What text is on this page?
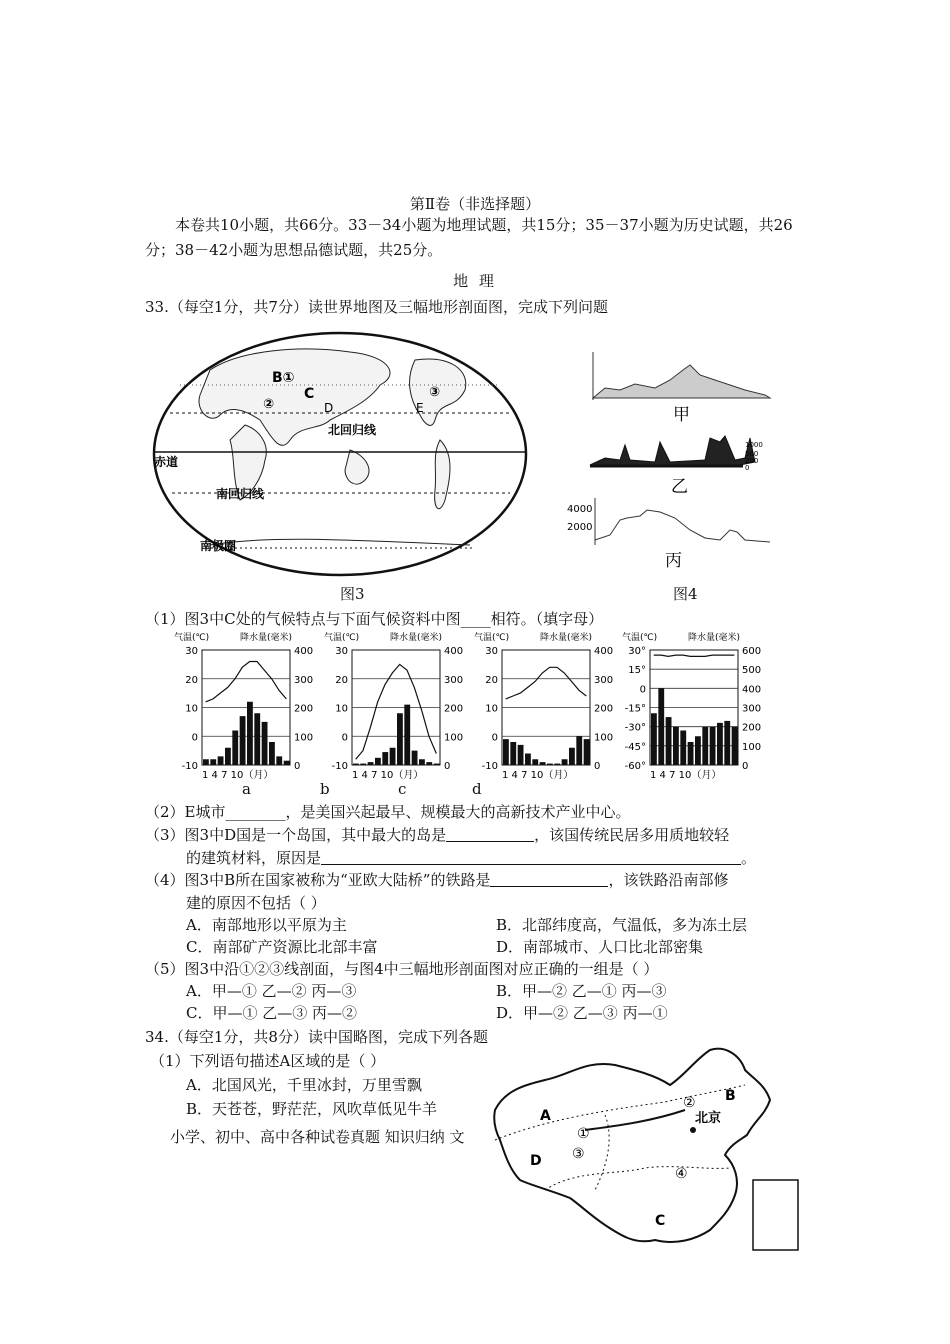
第Ⅱ卷（非选择题）
本卷共10小题，共66分。33－34小题为地理试题，共15分；35－37小题为历史试题，共26分；38－42小题为思想品德试题，共25分。
地 理
33.（每空1分，共7分）读世界地图及三幅地形剖面图，完成下列问题
B①
②
C
D	E
③
北回归线
赤道
南回归线
南极圈
甲
1000
500
200
0
乙
4000
2000
丙
图3	图4
（1）图3中C处的气候特点与下面气候资料中图____相符。（填字母）
气温(℃)	降水量(毫米)
-10
0
10
20
30
0
100
200
300
400
1 4 7 10（月）
气温(℃)	降水量(毫米)
-10
0
10
20
30
0
100
200
300
400
1 4 7 10（月）
气温(℃)	降水量(毫米)
-10
0
10
20
30
0
100
200
300
400
1 4 7 10（月）
气温(℃)	降水量(毫米)
-60°
-45°
-30°
-15°
0
15°
30°
0
100
200
300
400
500
600
1 4 7 10（月）
a	b	c	d
（2）E城市________，是美国兴起最早、规模最大的高新技术产业中心。
（3）图3中D国是一个岛国，其中最大的岛是	，该国传统民居多用质地较轻
的建筑材料，原因是	。
（4）图3中B所在国家被称为“亚欧大陆桥”的铁路是	，该铁路沿南部修
建的原因不包括（ ）
A．南部地形以平原为主	B．北部纬度高，气温低，多为冻土层
C．南部矿产资源比北部丰富	D．南部城市、人口比北部密集
（5）图3中沿①②③线剖面，与图4中三幅地形剖面图对应正确的一组是（ ）
A．甲—① 乙—② 丙—③	B．甲—② 乙—① 丙—③
C．甲—① 乙—③ 丙—②	D．甲—② 乙—③ 丙—①
34.（每空1分，共8分）读中国略图，完成下列各题
（1）下列语句描述A区域的是（ ）
A．北国风光，千里冰封，万里雪飘
B．天苍苍，野茫茫，风吹草低见牛羊
小学、初中、高中各种试卷真题 知识归纳 文
A
B
C
D
①
②
③
④
北京
